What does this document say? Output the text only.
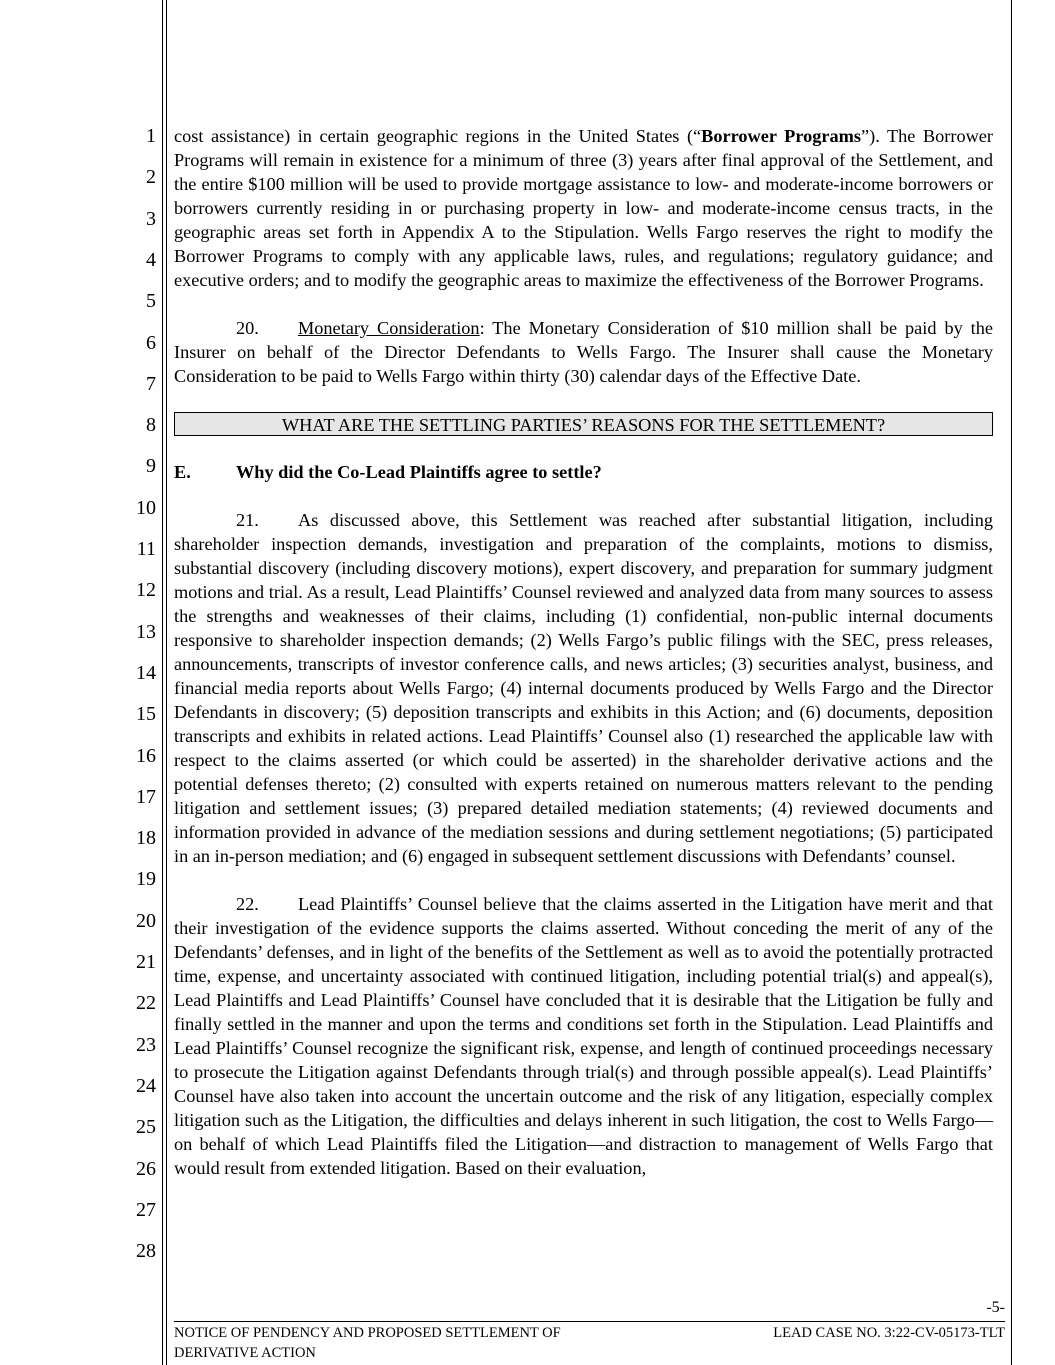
1
2
3
4
5
6
7
8
9
10
11
12
13
14
15
16
17
18
19
20
21
22
23
24
25
26
27
28

cost assistance) in certain geographic regions in the United States (“Borrower Programs”). The Borrower Programs will remain in existence for a minimum of three (3) years after final approval of the Settlement, and the entire $100 million will be used to provide mortgage assistance to low- and moderate-income borrowers or borrowers currently residing in or purchasing property in low- and moderate-income census tracts, in the geographic areas set forth in Appendix A to the Stipulation. Wells Fargo reserves the right to modify the Borrower Programs to comply with any applicable laws, rules, and regulations; regulatory guidance; and executive orders; and to modify the geographic areas to maximize the effectiveness of the Borrower Programs.

20. Monetary Consideration: The Monetary Consideration of $10 million shall be paid by the Insurer on behalf of the Director Defendants to Wells Fargo. The Insurer shall cause the Monetary Consideration to be paid to Wells Fargo within thirty (30) calendar days of the Effective Date.

WHAT ARE THE SETTLING PARTIES’ REASONS FOR THE SETTLEMENT?

E. Why did the Co-Lead Plaintiffs agree to settle?

21. As discussed above, this Settlement was reached after substantial litigation, including shareholder inspection demands, investigation and preparation of the complaints, motions to dismiss, substantial discovery (including discovery motions), expert discovery, and preparation for summary judgment motions and trial. As a result, Lead Plaintiffs’ Counsel reviewed and analyzed data from many sources to assess the strengths and weaknesses of their claims, including (1) confidential, non-public internal documents responsive to shareholder inspection demands; (2) Wells Fargo’s public filings with the SEC, press releases, announcements, transcripts of investor conference calls, and news articles; (3) securities analyst, business, and financial media reports about Wells Fargo; (4) internal documents produced by Wells Fargo and the Director Defendants in discovery; (5) deposition transcripts and exhibits in this Action; and (6) documents, deposition transcripts and exhibits in related actions. Lead Plaintiffs’ Counsel also (1) researched the applicable law with respect to the claims asserted (or which could be asserted) in the shareholder derivative actions and the potential defenses thereto; (2) consulted with experts retained on numerous matters relevant to the pending litigation and settlement issues; (3) prepared detailed mediation statements; (4) reviewed documents and information provided in advance of the mediation sessions and during settlement negotiations; (5) participated in an in-person mediation; and (6) engaged in subsequent settlement discussions with Defendants’ counsel.

22. Lead Plaintiffs’ Counsel believe that the claims asserted in the Litigation have merit and that their investigation of the evidence supports the claims asserted. Without conceding the merit of any of the Defendants’ defenses, and in light of the benefits of the Settlement as well as to avoid the potentially protracted time, expense, and uncertainty associated with continued litigation, including potential trial(s) and appeal(s), Lead Plaintiffs and Lead Plaintiffs’ Counsel have concluded that it is desirable that the Litigation be fully and finally settled in the manner and upon the terms and conditions set forth in the Stipulation. Lead Plaintiffs and Lead Plaintiffs’ Counsel recognize the significant risk, expense, and length of continued proceedings necessary to prosecute the Litigation against Defendants through trial(s) and through possible appeal(s). Lead Plaintiffs’ Counsel have also taken into account the uncertain outcome and the risk of any litigation, especially complex litigation such as the Litigation, the difficulties and delays inherent in such litigation, the cost to Wells Fargo—on behalf of which Lead Plaintiffs filed the Litigation—and distraction to management of Wells Fargo that would result from extended litigation. Based on their evaluation,

-5-
NOTICE OF PENDENCY AND PROPOSED SETTLEMENT OF DERIVATIVE ACTION
LEAD CASE NO. 3:22-CV-05173-TLT
